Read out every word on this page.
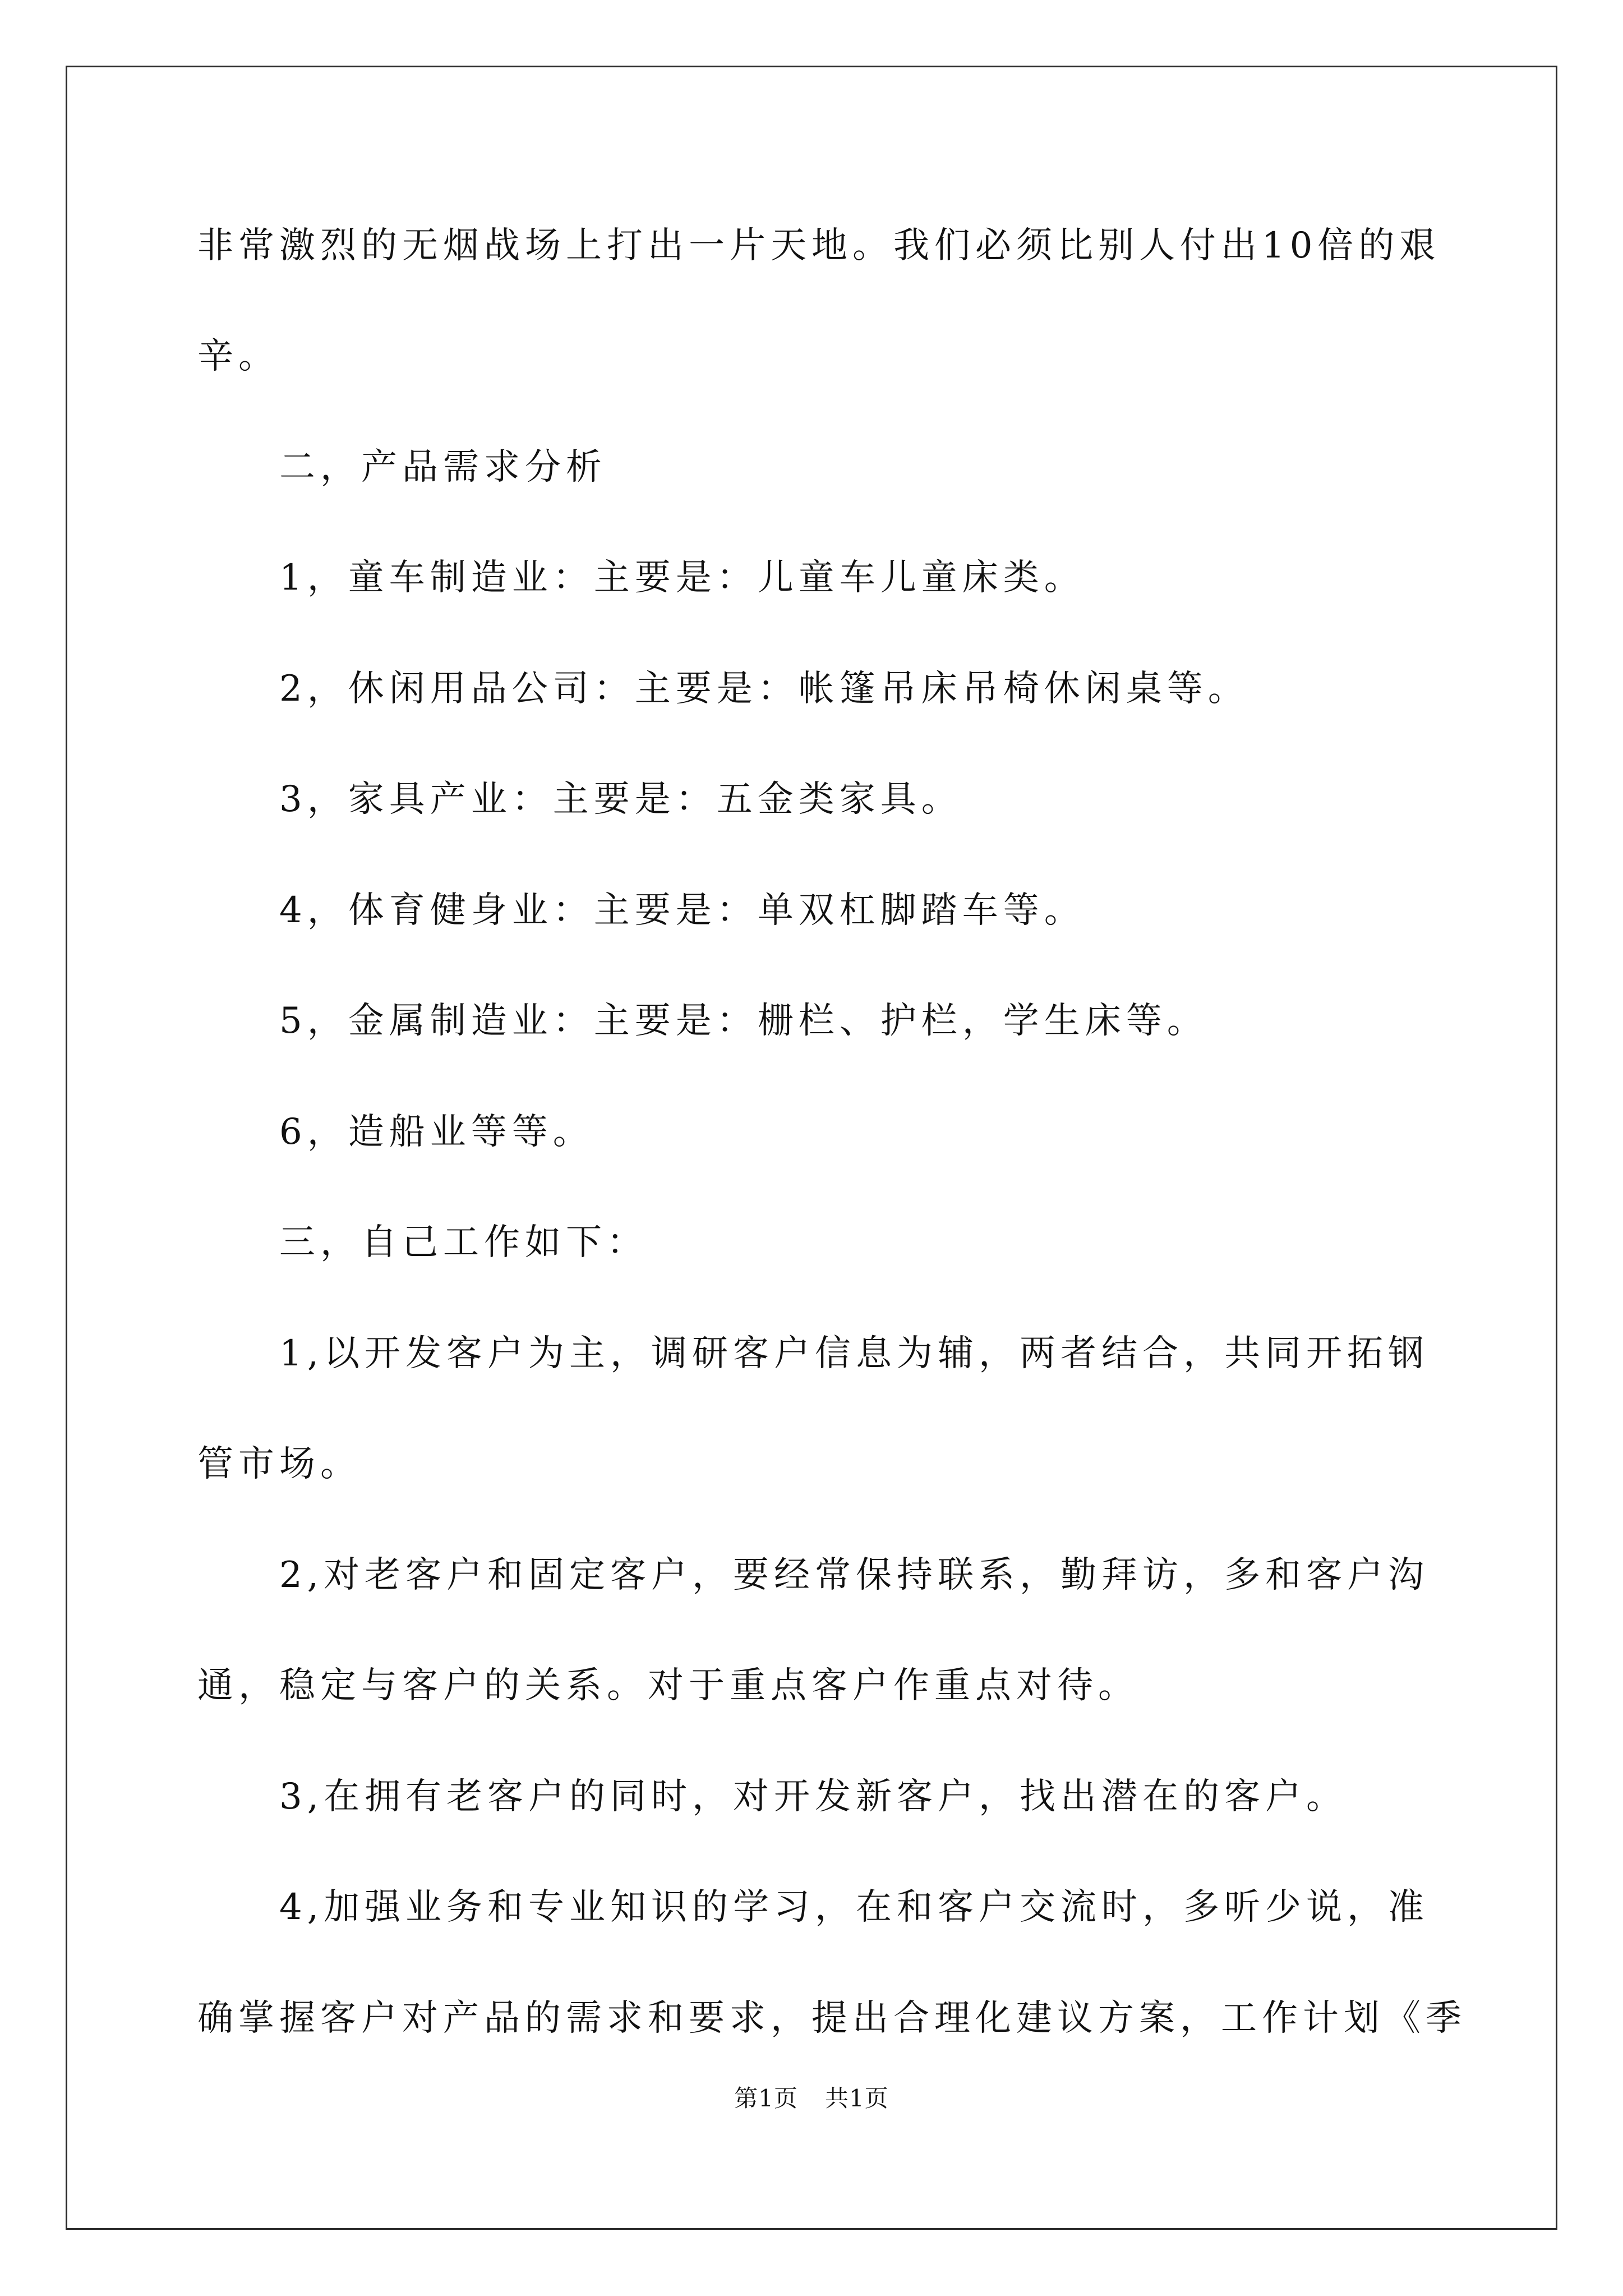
非常激烈的无烟战场上打出一片天地。我们必须比别人付出10倍的艰
辛。
二，产品需求分析
1，童车制造业：主要是：儿童车儿童床类。
2，休闲用品公司：主要是：帐篷吊床吊椅休闲桌等。
3，家具产业：主要是：五金类家具。
4，体育健身业：主要是：单双杠脚踏车等。
5，金属制造业：主要是：栅栏、护栏，学生床等。
6，造船业等等。
三，自己工作如下：
1,以开发客户为主，调研客户信息为辅，两者结合，共同开拓钢
管市场。
2,对老客户和固定客户，要经常保持联系，勤拜访，多和客户沟
通，稳定与客户的关系。对于重点客户作重点对待。
3,在拥有老客户的同时，对开发新客户，找出潜在的客户。
4,加强业务和专业知识的学习，在和客户交流时，多听少说，准
确掌握客户对产品的需求和要求，提出合理化建议方案，工作计划《季
第1页 共1页
